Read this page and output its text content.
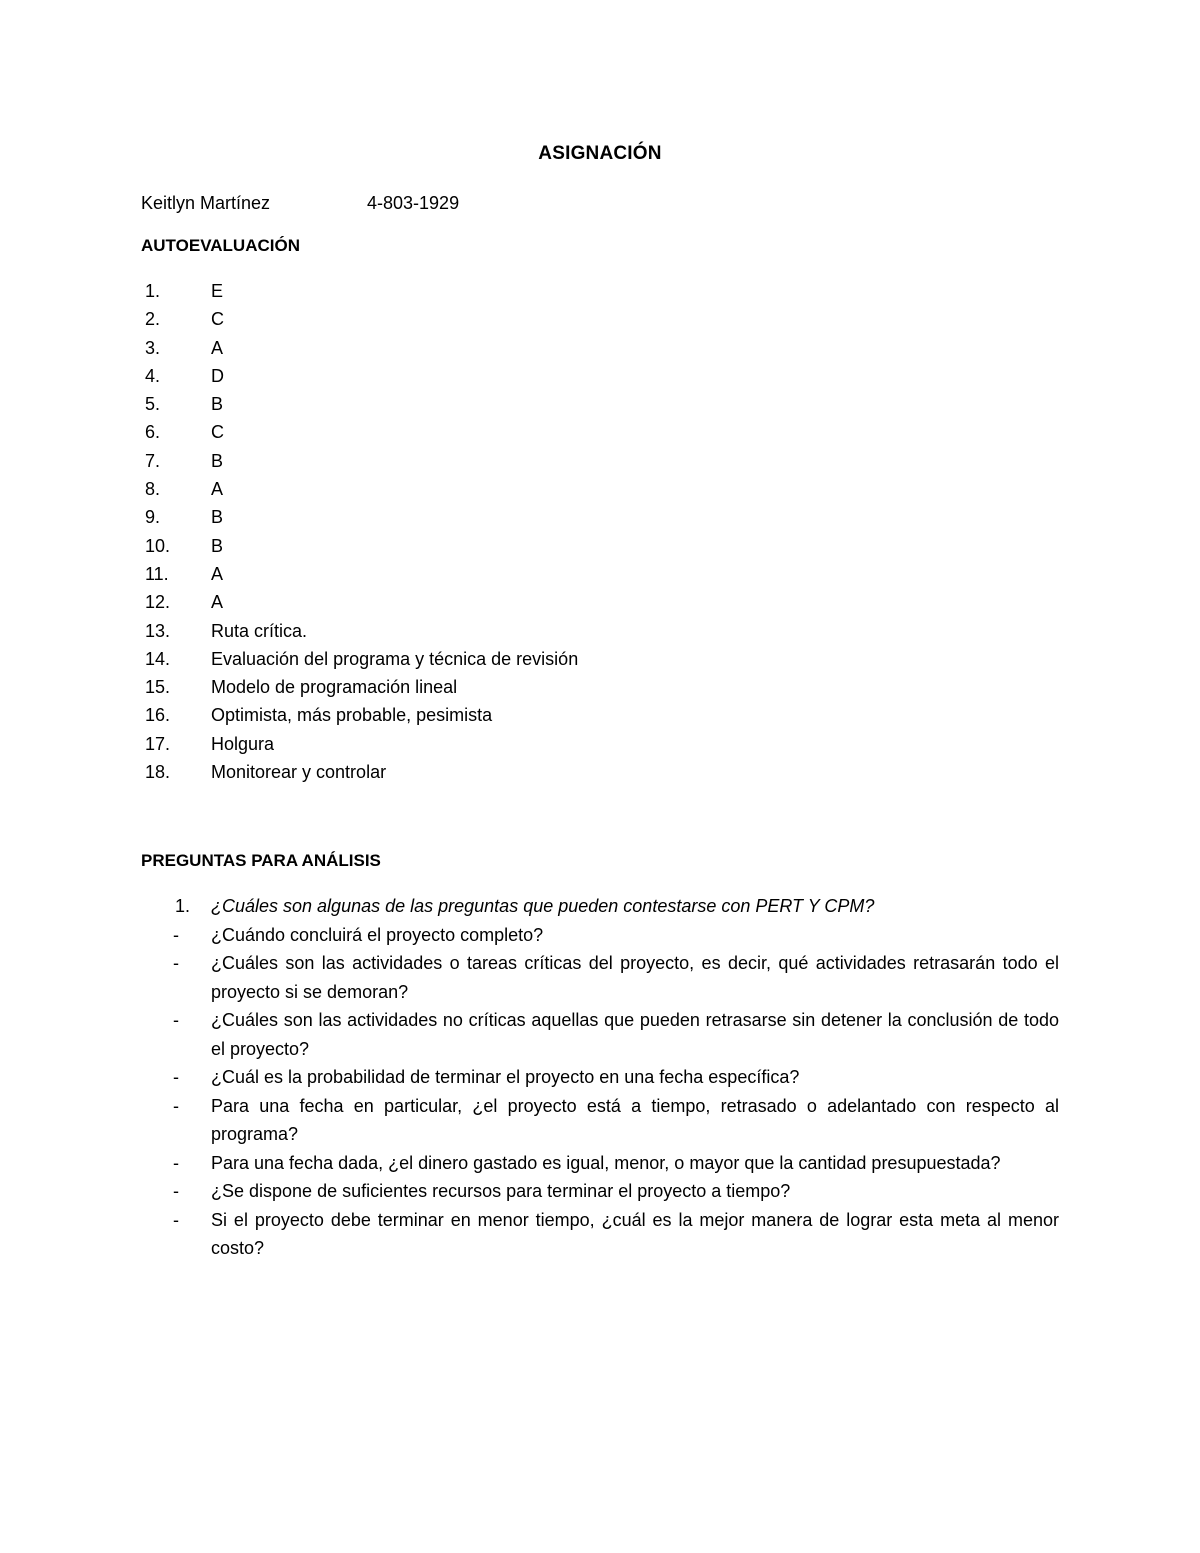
ASIGNACIÓN
Keitlyn Martínez	4-803-1929
AUTOEVALUACIÓN
1.	E
2.	C
3.	A
4.	D
5.	B
6.	C
7.	B
8.	A
9.	B
10.	B
11.	A
12.	A
13.	Ruta crítica.
14.	Evaluación del programa y técnica de revisión
15.	Modelo de programación lineal
16.	Optimista, más probable, pesimista
17.	Holgura
18.	Monitorear y controlar
PREGUNTAS PARA ANÁLISIS
1. ¿Cuáles son algunas de las preguntas que pueden contestarse con PERT Y CPM?
- ¿Cuándo concluirá el proyecto completo?
- ¿Cuáles son las actividades o tareas críticas del proyecto, es decir, qué actividades retrasarán todo el proyecto si se demoran?
- ¿Cuáles son las actividades no críticas aquellas que pueden retrasarse sin detener la conclusión de todo el proyecto?
- ¿Cuál es la probabilidad de terminar el proyecto en una fecha específica?
- Para una fecha en particular, ¿el proyecto está a tiempo, retrasado o adelantado con respecto al programa?
- Para una fecha dada, ¿el dinero gastado es igual, menor, o mayor que la cantidad presupuestada?
- ¿Se dispone de suficientes recursos para terminar el proyecto a tiempo?
- Si el proyecto debe terminar en menor tiempo, ¿cuál es la mejor manera de lograr esta meta al menor costo?
